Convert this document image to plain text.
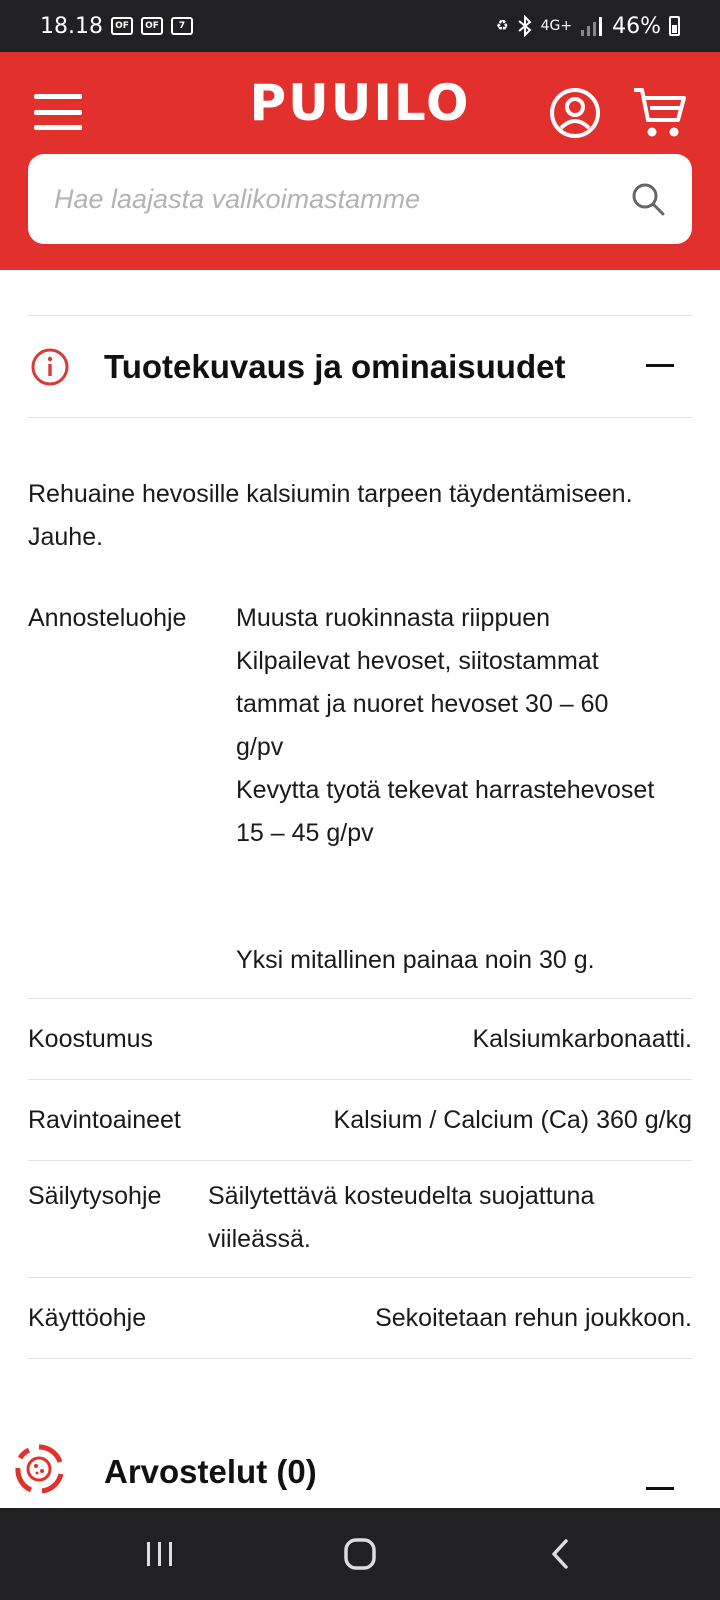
18.18	OF	OF	7	♻ 4G+ 46%
PUUILO
Hae laajasta valikoimastamme
Tuotekuvaus ja ominaisuudet
Rehuaine hevosille kalsiumin tarpeen täydentämiseen.
Jauhe.
Annosteluohje	Muusta ruokinnasta riippuen
Kilpailevat hevoset, siitostammat
tammat ja nuoret hevoset 30 – 60
g/pv
Kevytta tyotä tekevat harrastehevoset
15 – 45 g/pv
Yksi mitallinen painaa noin 30 g.
Koostumus	Kalsiumkarbonaatti.
Ravintoaineet	Kalsium / Calcium (Ca) 360 g/kg
Säilytysohje	Säilytettävä kosteudelta suojattuna
viileässä.
Käyttöohje	Sekoitetaan rehun joukkoon.
Arvostelut (0)
